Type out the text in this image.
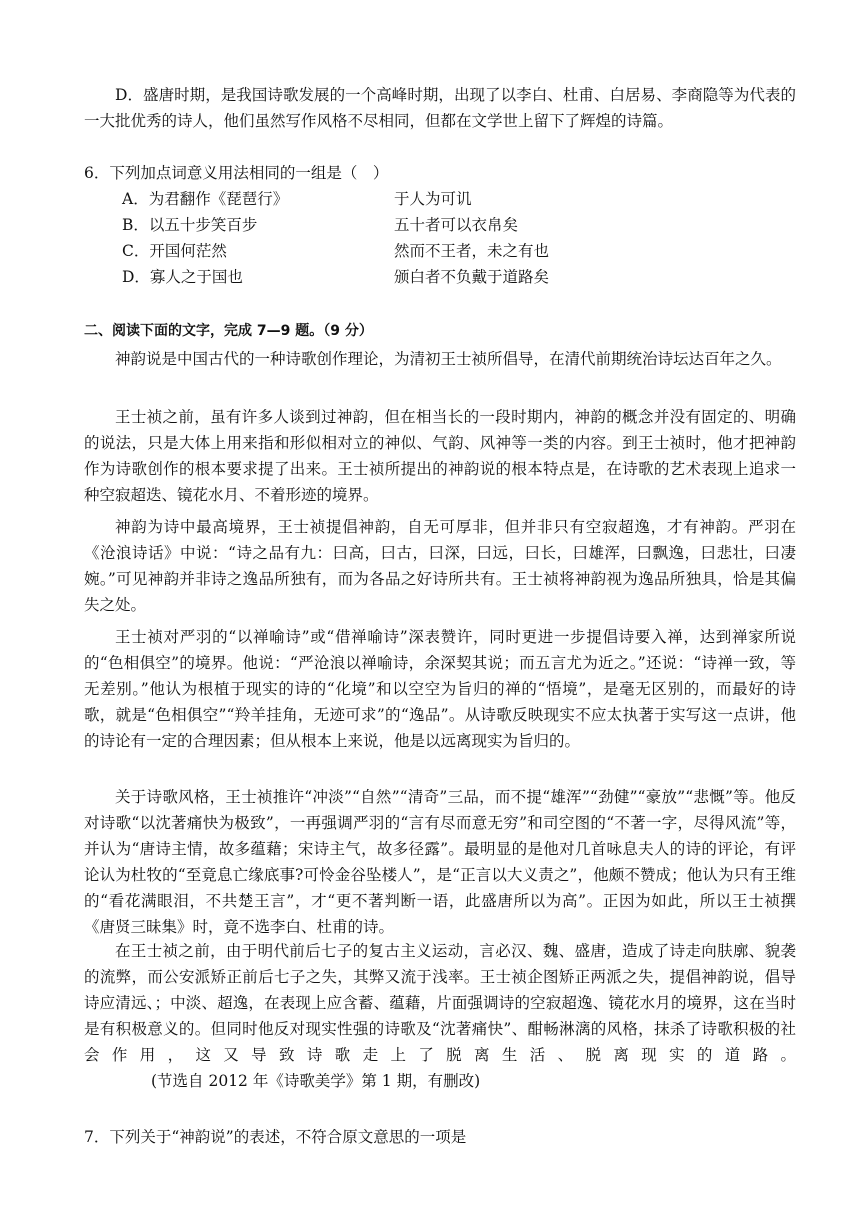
D．盛唐时期，是我国诗歌发展的一个高峰时期，出现了以李白、杜甫、白居易、李商隐等为代表的一大批优秀的诗人，他们虽然写作风格不尽相同，但都在文学世上留下了辉煌的诗篇。

6．下列加点词意义用法相同的一组是（　）

A．为君翻作《琵琶行》	于人为可讥
B．以五十步笑百步	五十者可以衣帛矣
C．开国何茫然	然而不王者，未之有也
D．寡人之于国也	颁白者不负戴于道路矣

二、阅读下面的文字，完成 7—9 题。（9 分）

神韵说是中国古代的一种诗歌创作理论，为清初王士祯所倡导，在清代前期统治诗坛达百年之久。

王士祯之前，虽有许多人谈到过神韵，但在相当长的一段时期内，神韵的概念并没有固定的、明确的说法，只是大体上用来指和形似相对立的神似、气韵、风神等一类的内容。到王士祯时，他才把神韵作为诗歌创作的根本要求提了出来。王士祯所提出的神韵说的根本特点是，在诗歌的艺术表现上追求一种空寂超迭、镜花水月、不着形迹的境界。

神韵为诗中最高境界，王士祯提倡神韵，自无可厚非，但并非只有空寂超逸，才有神韵。严羽在《沧浪诗话》中说：“诗之品有九：曰高，曰古，曰深，曰远，曰长，曰雄浑，曰飘逸，曰悲壮，曰凄婉。”可见神韵并非诗之逸品所独有，而为各品之好诗所共有。王士祯将神韵视为逸品所独具，恰是其偏失之处。

王士祯对严羽的“以禅喻诗”或“借禅喻诗”深表赞许，同时更进一步提倡诗要入禅，达到禅家所说的“色相俱空”的境界。他说：“严沧浪以禅喻诗，余深契其说；而五言尤为近之。”还说：“诗禅一致，等无差别。”他认为根植于现实的诗的“化境”和以空空为旨归的禅的“悟境”，是毫无区别的，而最好的诗歌，就是“色相俱空”“羚羊挂角，无迹可求”的“逸品”。从诗歌反映现实不应太执著于实写这一点讲，他的诗论有一定的合理因素；但从根本上来说，他是以远离现实为旨归的。

关于诗歌风格，王士祯推许“冲淡”“自然”“清奇”三品，而不提“雄浑”“劲健”“豪放”“悲慨”等。他反对诗歌“以沈著痛快为极致”，一再强调严羽的“言有尽而意无穷”和司空图的“不著一字，尽得风流”等，并认为“唐诗主情，故多蕴藉；宋诗主气，故多径露”。最明显的是他对几首咏息夫人的诗的评论，有评论认为杜牧的“至竟息亡缘底事?可怜金谷坠楼人”，是“正言以大义责之”，他颇不赞成；他认为只有王维的“看花满眼泪，不共楚王言”，才“更不著判断一语，此盛唐所以为高”。正因为如此，所以王士祯撰《唐贤三昧集》时，竟不选李白、杜甫的诗。

在王士祯之前，由于明代前后七子的复古主义运动，言必汉、魏、盛唐，造成了诗走向肤廓、貌袭的流弊，而公安派矫正前后七子之失，其弊又流于浅率。王士祯企图矫正两派之失，提倡神韵说，倡导诗应清远、；中淡、超逸，在表现上应含蓄、蕴藉，片面强调诗的空寂超逸、镜花水月的境界，这在当时是有积极意义的。但同时他反对现实性强的诗歌及“沈著痛快”、酣畅淋漓的风格，抹杀了诗歌积极的社会作用，这又导致诗歌走上了脱离生活、脱离现实的道路。(节选自 2012 年《诗歌美学》第 1 期，有删改)

7．下列关于“神韵说”的表述，不符合原文意思的一项是
